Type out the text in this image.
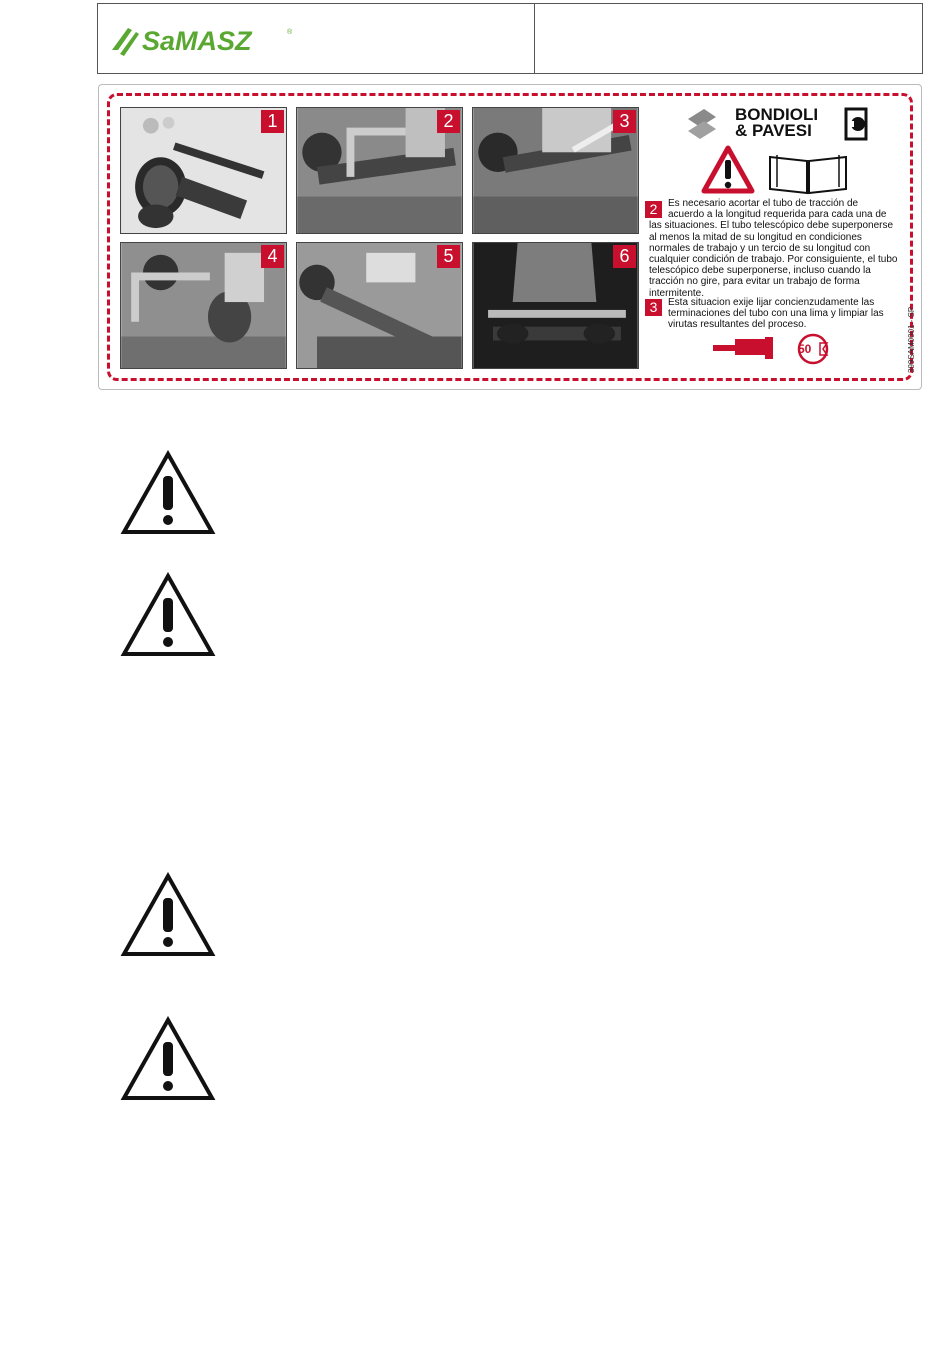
SaMASZ	®
1	2	3
4	5	6
BONDIOLI
& PAVESI
2	Es necesario acortar el tubo de tracción de
acuerdo a la longitud requerida para cada una de
las situaciones. El tubo telescópico debe superponerse
al menos la mitad de su longitud en condiciones
normales de trabajo y un tercio de su longitud con
cualquier condición de trabajo. Por consiguiente, el tubo
telescópico debe superponerse, incluso cuando la
tracción no gire, para evitar un trabajo de forma
intermitente.
3	Esta situacion exije lijar concienzudamente las
terminaciones del tubo con una lima y limpiar las
virutas resultantes del proceso.
50	399SAM0001 - SP
